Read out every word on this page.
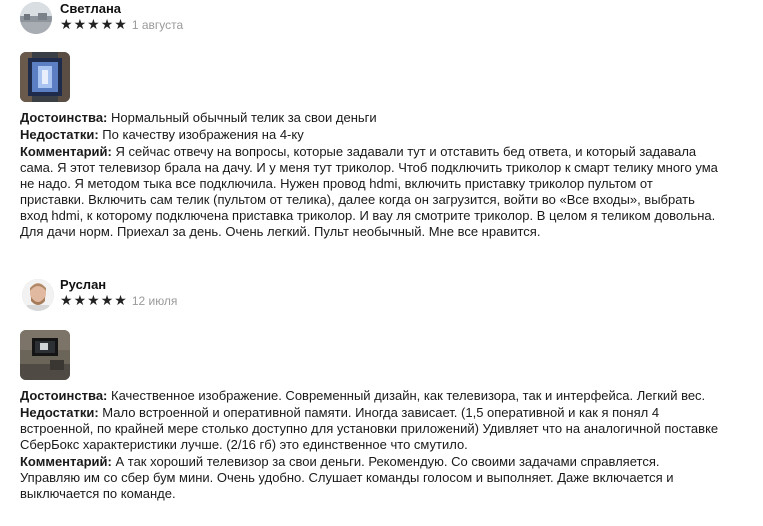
Светлана
★ ★ ★ ★ ★ 1 августа
Достоинства: Нормальный обычный телик за свои деньги
Недостатки: По качеству изображения на 4-ку
Комментарий: Я сейчас отвечу на вопросы, которые задавали тут и отставить бед ответа, и который задавала сама. Я этот телевизор брала на дачу. И у меня тут триколор. Чтоб подключить триколор к смарт телику много ума не надо. Я методом тыка все подключила. Нужен провод hdmi, включить приставку триколор пультом от приставки. Включить сам телик (пультом от телика), далее когда он загрузится, войти во «Все входы», выбрать вход hdmi, к которому подключена приставка триколор. И вау ля смотрите триколор. В целом я теликом довольна. Для дачи норм. Приехал за день. Очень легкий. Пульт необычный. Мне все нравится.
Руслан
★ ★ ★ ★ ★ 12 июля
Достоинства: Качественное изображение. Современный дизайн, как телевизора, так и интерфейса. Легкий вес.
Недостатки: Мало встроенной и оперативной памяти. Иногда зависает. (1,5 оперативной и как я понял 4 встроенной, по крайней мере столько доступно для установки приложений) Удивляет что на аналогичной поставке СберБокс характеристики лучше. (2/16 гб) это единственное что смутило.
Комментарий: А так хороший телевизор за свои деньги. Рекомендую. Со своими задачами справляется. Управляю им со сбер бум мини. Очень удобно. Слушает команды голосом и выполняет. Даже включается и выключается по команде.
